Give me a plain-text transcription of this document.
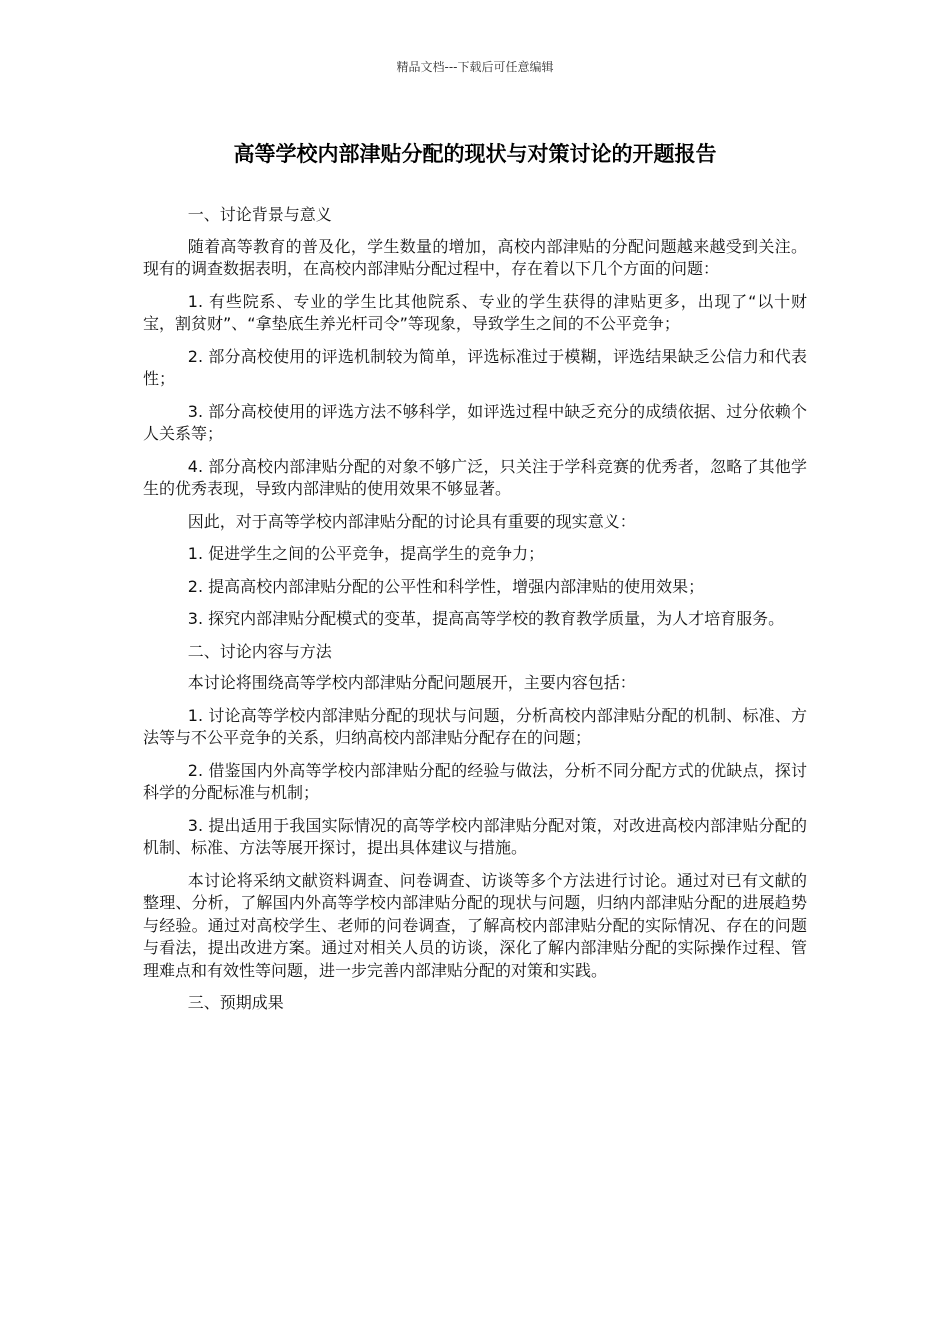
精品文档---下载后可任意编辑
高等学校内部津贴分配的现状与对策讨论的开题报告

一、讨论背景与意义

随着高等教育的普及化，学生数量的增加，高校内部津贴的分配问题越来越受到关注。现有的调查数据表明，在高校内部津贴分配过程中，存在着以下几个方面的问题：

1. 有些院系、专业的学生比其他院系、专业的学生获得的津贴更多，出现了“以十财宝，割贫财”、“拿垫底生养光杆司令”等现象，导致学生之间的不公平竞争；

2. 部分高校使用的评选机制较为简单，评选标准过于模糊，评选结果缺乏公信力和代表性；

3. 部分高校使用的评选方法不够科学，如评选过程中缺乏充分的成绩依据、过分依赖个人关系等；

4. 部分高校内部津贴分配的对象不够广泛，只关注于学科竞赛的优秀者，忽略了其他学生的优秀表现，导致内部津贴的使用效果不够显著。

因此，对于高等学校内部津贴分配的讨论具有重要的现实意义：

1. 促进学生之间的公平竞争，提高学生的竞争力；

2. 提高高校内部津贴分配的公平性和科学性，增强内部津贴的使用效果；

3. 探究内部津贴分配模式的变革，提高高等学校的教育教学质量，为人才培育服务。

二、讨论内容与方法

本讨论将围绕高等学校内部津贴分配问题展开，主要内容包括：

1. 讨论高等学校内部津贴分配的现状与问题，分析高校内部津贴分配的机制、标准、方法等与不公平竞争的关系，归纳高校内部津贴分配存在的问题；

2. 借鉴国内外高等学校内部津贴分配的经验与做法，分析不同分配方式的优缺点，探讨科学的分配标准与机制；

3. 提出适用于我国实际情况的高等学校内部津贴分配对策，对改进高校内部津贴分配的机制、标准、方法等展开探讨，提出具体建议与措施。

本讨论将采纳文献资料调查、问卷调查、访谈等多个方法进行讨论。通过对已有文献的整理、分析，了解国内外高等学校内部津贴分配的现状与问题，归纳内部津贴分配的进展趋势与经验。通过对高校学生、老师的问卷调查，了解高校内部津贴分配的实际情况、存在的问题与看法，提出改进方案。通过对相关人员的访谈，深化了解内部津贴分配的实际操作过程、管理难点和有效性等问题，进一步完善内部津贴分配的对策和实践。

三、预期成果
